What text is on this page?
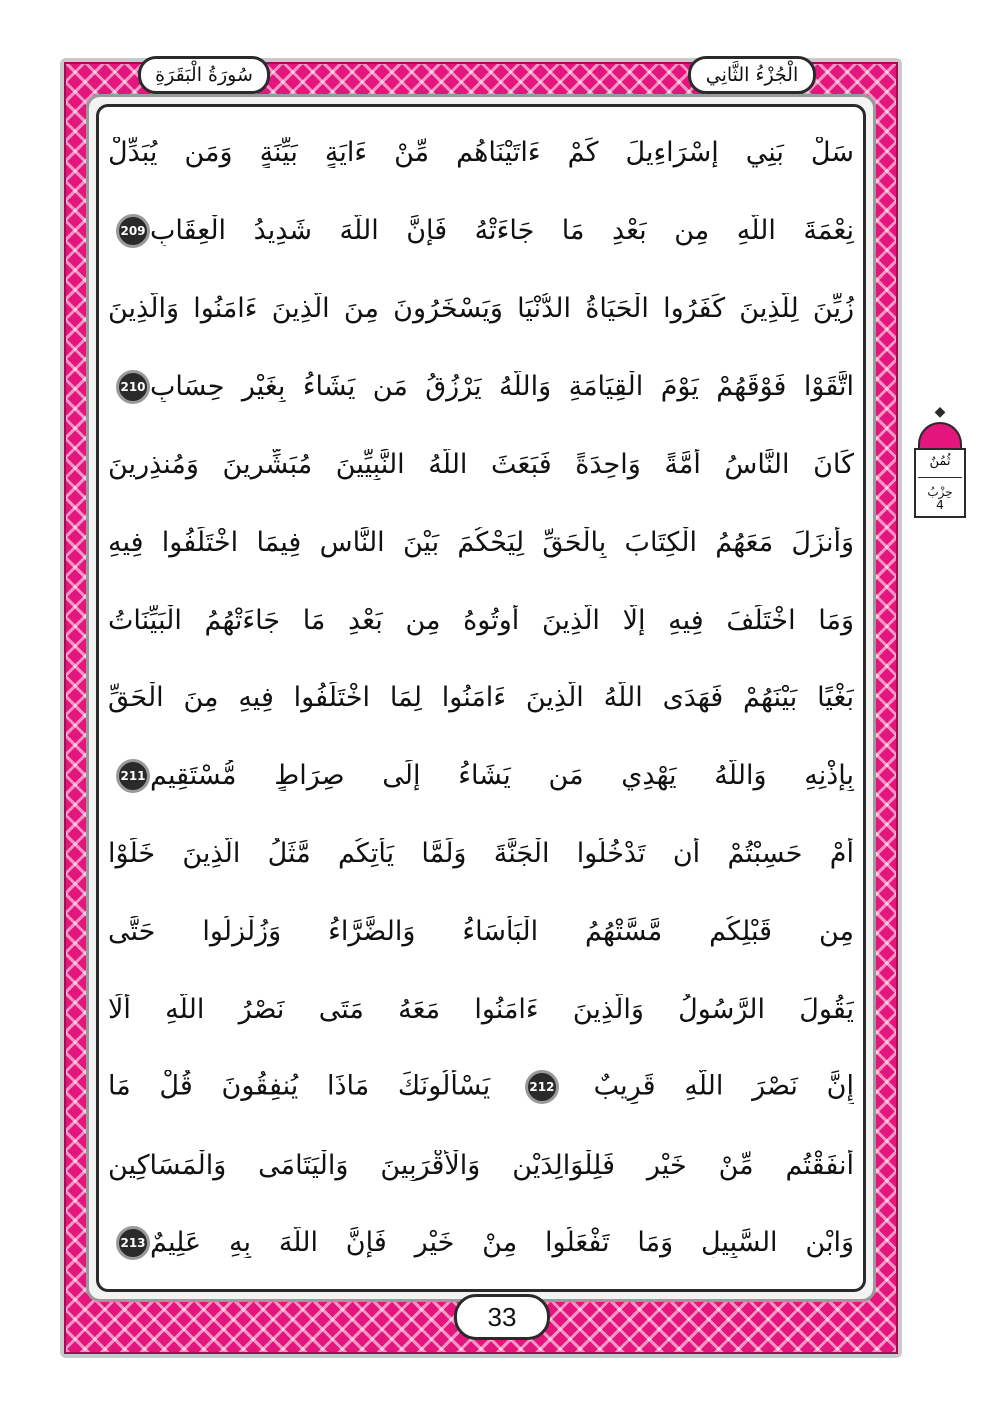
الْجُزْءُ الثَّانِي
سُورَةُ الْبَقَرَةِ
سَلْ بَنِي إِسْرَاءِيلَ كَمْ ءَاتَيْنَاهُم مِّنْ ءَايَةٍ بَيِّنَةٍ وَمَن يُبَدِّلْ
نِعْمَةَ اللَّهِ مِن بَعْدِ مَا جَاءَتْهُ فَإِنَّ اللَّهَ شَدِيدُ الْعِقَابِ
209
زُيِّنَ لِلَّذِينَ كَفَرُوا الْحَيَاةُ الدُّنْيَا وَيَسْخَرُونَ مِنَ الَّذِينَ ءَامَنُوا وَالَّذِينَ
اتَّقَوْا فَوْقَهُمْ يَوْمَ الْقِيَامَةِ وَاللَّهُ يَرْزُقُ مَن يَشَاءُ بِغَيْرِ حِسَابٍ
210
كَانَ النَّاسُ أُمَّةً وَاحِدَةً فَبَعَثَ اللَّهُ النَّبِيِّينَ مُبَشِّرِينَ وَمُنذِرِينَ
وَأَنزَلَ مَعَهُمُ الْكِتَابَ بِالْحَقِّ لِيَحْكُمَ بَيْنَ النَّاسِ فِيمَا اخْتَلَفُوا فِيهِ
وَمَا اخْتَلَفَ فِيهِ إِلَّا الَّذِينَ أُوتُوهُ مِن بَعْدِ مَا جَاءَتْهُمُ الْبَيِّنَاتُ
بَغْيًا بَيْنَهُمْ فَهَدَى اللَّهُ الَّذِينَ ءَامَنُوا لِمَا اخْتَلَفُوا فِيهِ مِنَ الْحَقِّ
بِإِذْنِهِ وَاللَّهُ يَهْدِي مَن يَشَاءُ إِلَى صِرَاطٍ مُّسْتَقِيمٍ
211
أَمْ حَسِبْتُمْ أَن تَدْخُلُوا الْجَنَّةَ وَلَمَّا يَأْتِكُم مَّثَلُ الَّذِينَ خَلَوْا
مِن قَبْلِكُم مَّسَّتْهُمُ الْبَأْسَاءُ وَالضَّرَّاءُ وَزُلْزِلُوا حَتَّى
يَقُولَ الرَّسُولُ وَالَّذِينَ ءَامَنُوا مَعَهُ مَتَى نَصْرُ اللَّهِ أَلَا
إِنَّ نَصْرَ اللَّهِ قَرِيبٌ 212 يَسْأَلُونَكَ مَاذَا يُنفِقُونَ قُلْ مَا
أَنفَقْتُم مِّنْ خَيْرٍ فَلِلْوَالِدَيْنِ وَالْأَقْرَبِينَ وَالْيَتَامَى وَالْمَسَاكِينِ
وَابْنِ السَّبِيلِ وَمَا تَفْعَلُوا مِنْ خَيْرٍ فَإِنَّ اللَّهَ بِهِ عَلِيمٌ
213
33
◆
ثُمُنٌ
حِزْبُ
4
